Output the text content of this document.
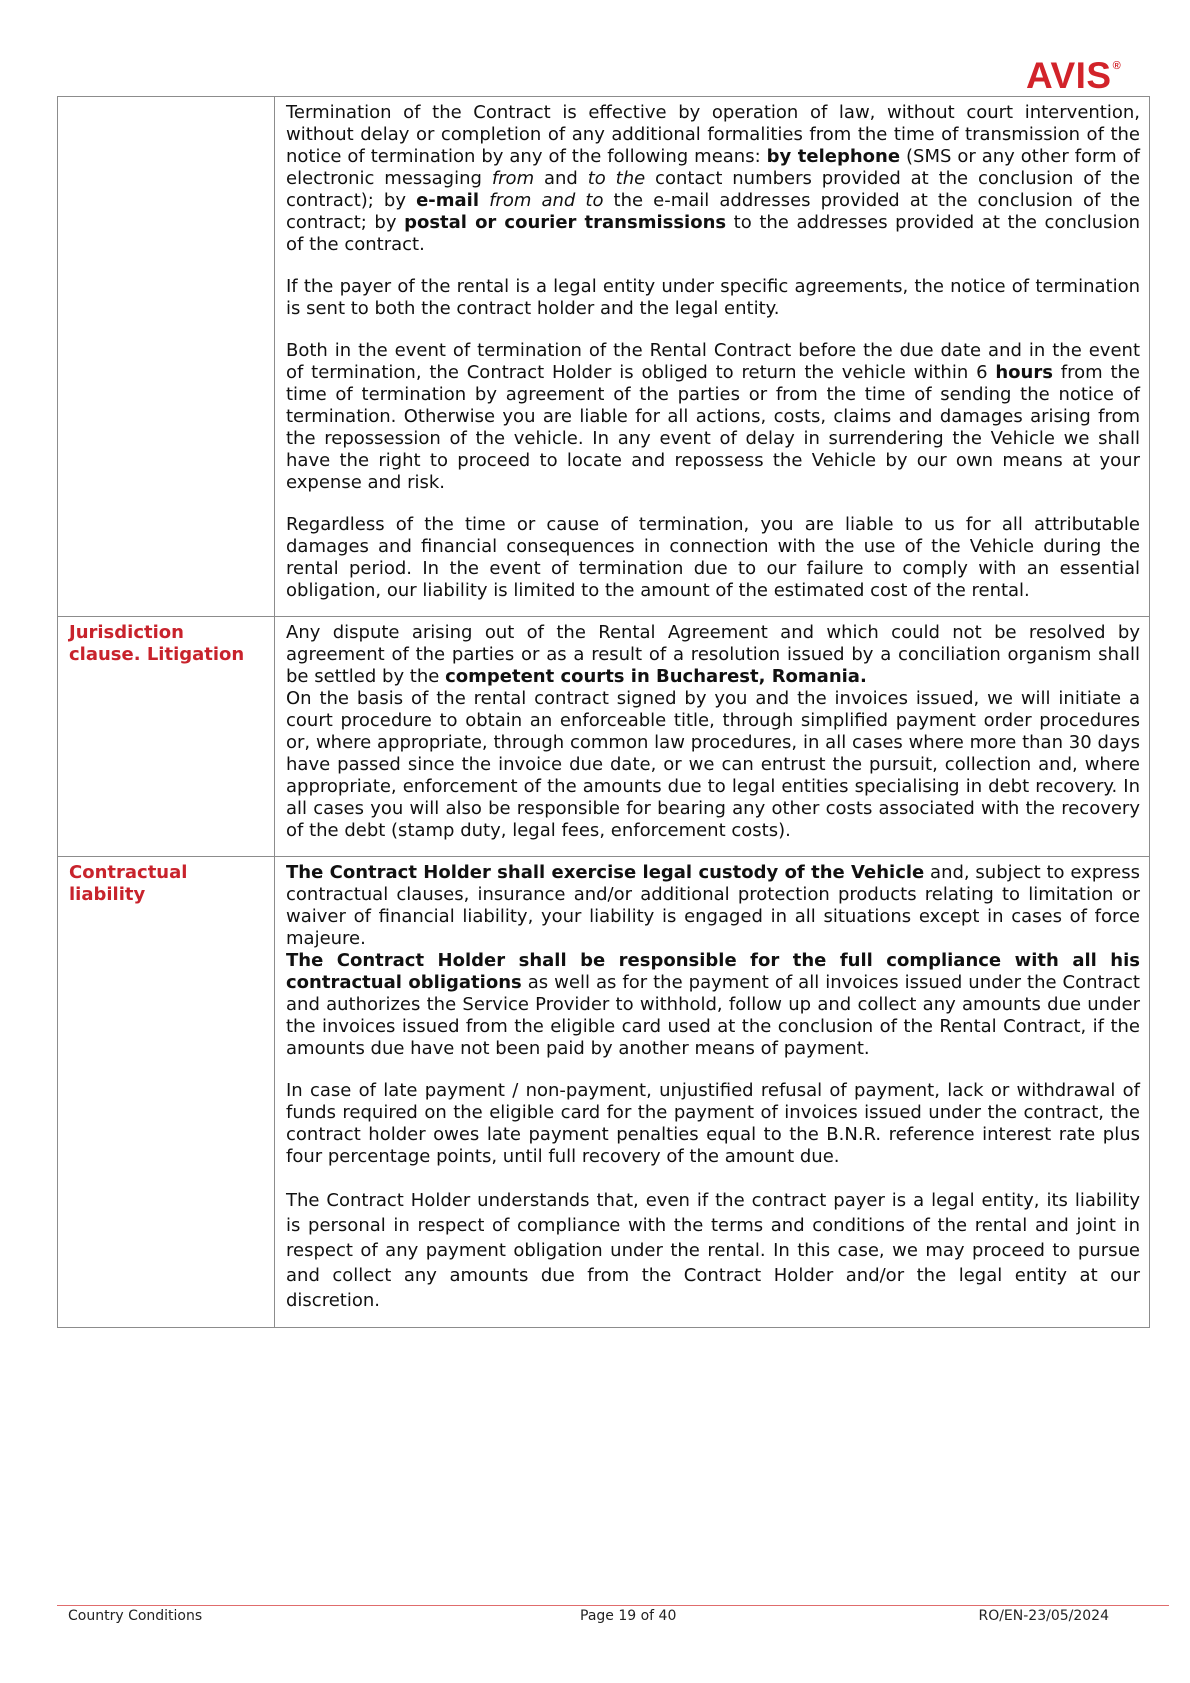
AVIS®

	Termination of the Contract is effective by operation of law, without court intervention, without delay or completion of any additional formalities from the time of transmission of the notice of termination by any of the following means: by telephone (SMS or any other form of electronic messaging from and to the contact numbers provided at the conclusion of the contract); by e-mail from and to the e-mail addresses provided at the conclusion of the contract; by postal or courier transmissions to the addresses provided at the conclusion of the contract.

If the payer of the rental is a legal entity under specific agreements, the notice of termination is sent to both the contract holder and the legal entity.

Both in the event of termination of the Rental Contract before the due date and in the event of termination, the Contract Holder is obliged to return the vehicle within 6 hours from the time of termination by agreement of the parties or from the time of sending the notice of termination. Otherwise you are liable for all actions, costs, claims and damages arising from the repossession of the vehicle. In any event of delay in surrendering the Vehicle we shall have the right to proceed to locate and repossess the Vehicle by our own means at your expense and risk.

Regardless of the time or cause of termination, you are liable to us for all attributable damages and financial consequences in connection with the use of the Vehicle during the rental period. In the event of termination due to our failure to comply with an essential obligation, our liability is limited to the amount of the estimated cost of the rental.

Jurisdiction clause. Litigation	Any dispute arising out of the Rental Agreement and which could not be resolved by agreement of the parties or as a result of a resolution issued by a conciliation organism shall be settled by the competent courts in Bucharest, Romania.

On the basis of the rental contract signed by you and the invoices issued, we will initiate a court procedure to obtain an enforceable title, through simplified payment order procedures or, where appropriate, through common law procedures, in all cases where more than 30 days have passed since the invoice due date, or we can entrust the pursuit, collection and, where appropriate, enforcement of the amounts due to legal entities specialising in debt recovery. In all cases you will also be responsible for bearing any other costs associated with the recovery of the debt (stamp duty, legal fees, enforcement costs).

Contractual liability	The Contract Holder shall exercise legal custody of the Vehicle and, subject to express contractual clauses, insurance and/or additional protection products relating to limitation or waiver of financial liability, your liability is engaged in all situations except in cases of force majeure.

The Contract Holder shall be responsible for the full compliance with all his contractual obligations as well as for the payment of all invoices issued under the Contract and authorizes the Service Provider to withhold, follow up and collect any amounts due under the invoices issued from the eligible card used at the conclusion of the Rental Contract, if the amounts due have not been paid by another means of payment.

In case of late payment / non-payment, unjustified refusal of payment, lack or withdrawal of funds required on the eligible card for the payment of invoices issued under the contract, the contract holder owes late payment penalties equal to the B.N.R. reference interest rate plus four percentage points, until full recovery of the amount due.

The Contract Holder understands that, even if the contract payer is a legal entity, its liability is personal in respect of compliance with the terms and conditions of the rental and joint in respect of any payment obligation under the rental. In this case, we may proceed to pursue and collect any amounts due from the Contract Holder and/or the legal entity at our discretion.

Country Conditions	Page 19 of 40	RO/EN-23/05/2024
